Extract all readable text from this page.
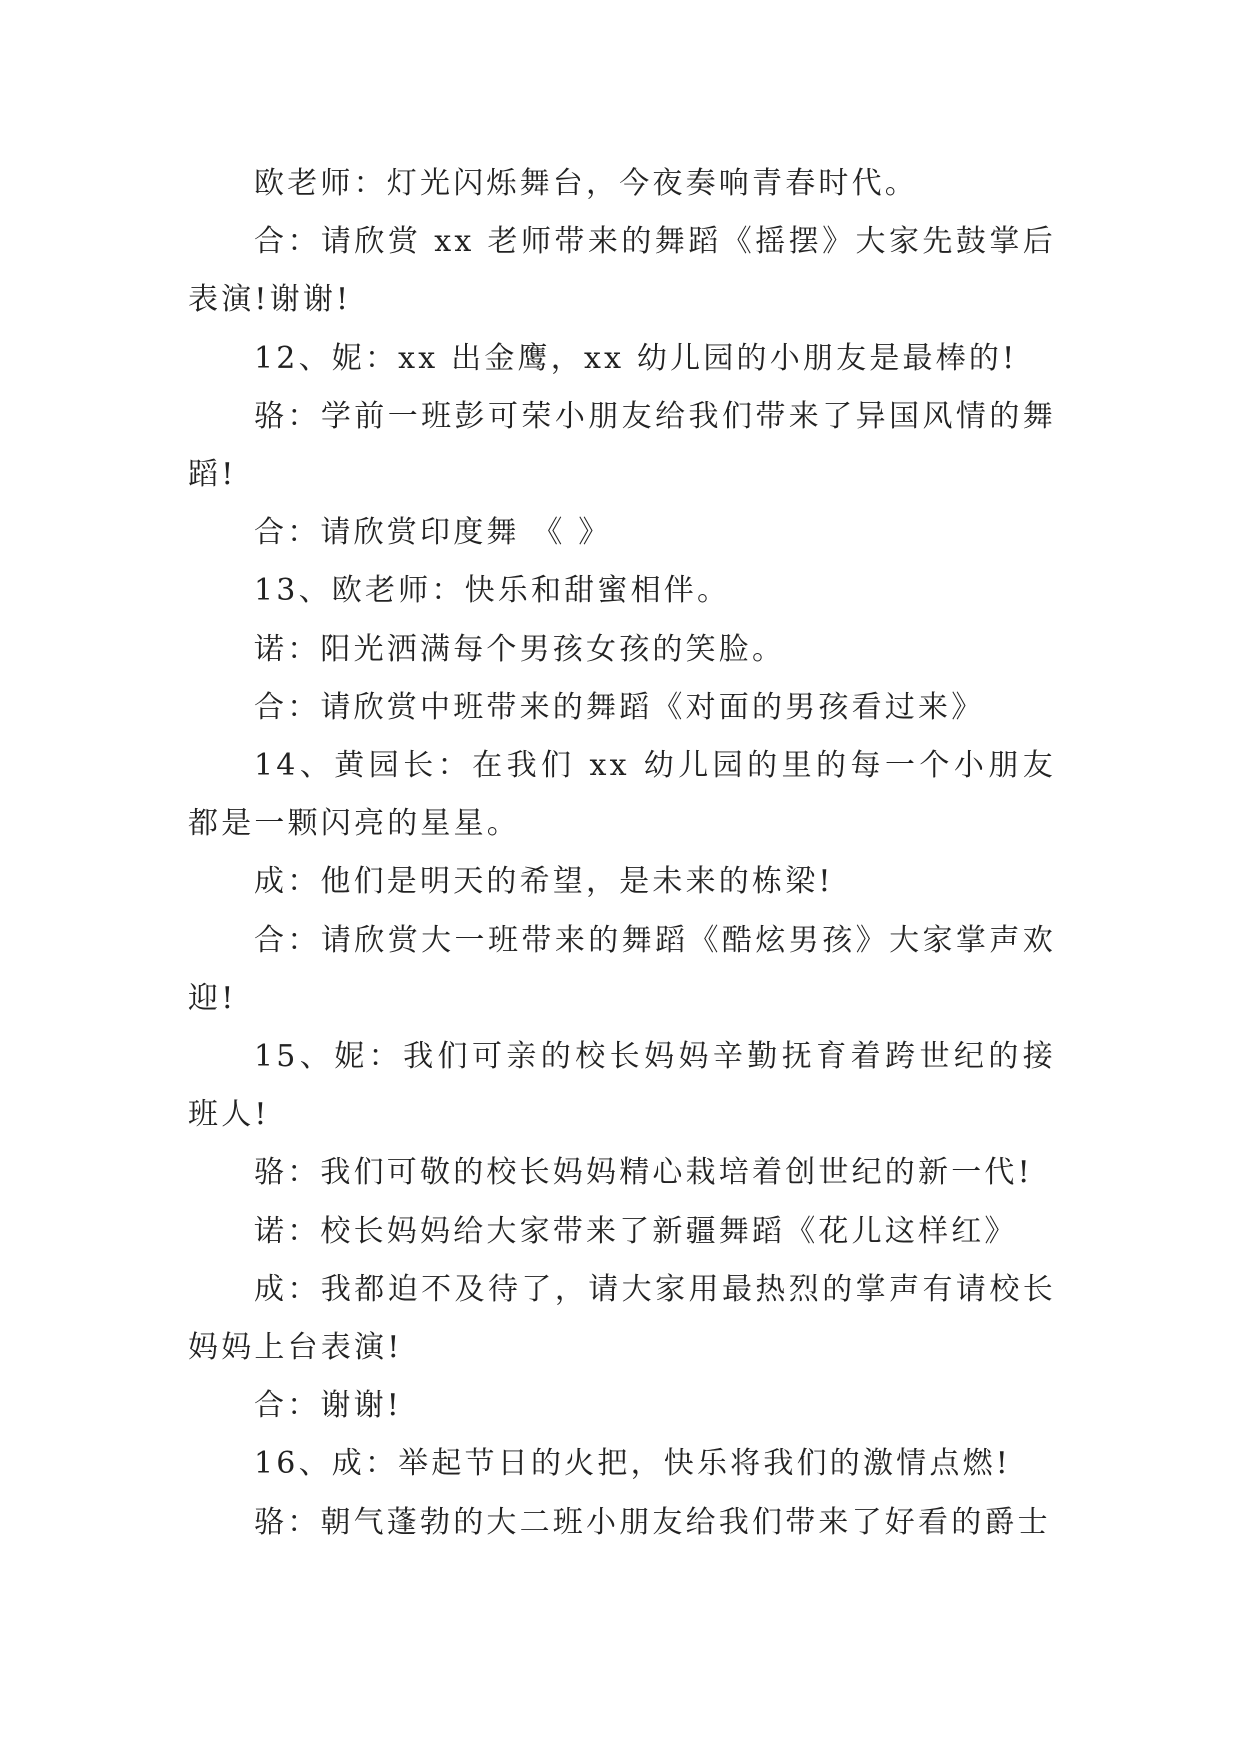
欧老师：灯光闪烁舞台，今夜奏响青春时代。

合：请欣赏 xx 老师带来的舞蹈《摇摆》大家先鼓掌后表演!谢谢!

12、妮：xx 出金鹰，xx 幼儿园的小朋友是最棒的!

骆：学前一班彭可荣小朋友给我们带来了异国风情的舞蹈!

合：请欣赏印度舞 《 》

13、欧老师：快乐和甜蜜相伴。

诺：阳光洒满每个男孩女孩的笑脸。

合：请欣赏中班带来的舞蹈《对面的男孩看过来》

14、黄园长：在我们 xx 幼儿园的里的每一个小朋友都是一颗闪亮的星星。

成：他们是明天的希望，是未来的栋梁!

合：请欣赏大一班带来的舞蹈《酷炫男孩》大家掌声欢迎!

15、妮：我们可亲的校长妈妈辛勤抚育着跨世纪的接班人!

骆：我们可敬的校长妈妈精心栽培着创世纪的新一代!

诺：校长妈妈给大家带来了新疆舞蹈《花儿这样红》

成：我都迫不及待了，请大家用最热烈的掌声有请校长妈妈上台表演!

合：谢谢!

16、成：举起节日的火把，快乐将我们的激情点燃!

骆：朝气蓬勃的大二班小朋友给我们带来了好看的爵士
